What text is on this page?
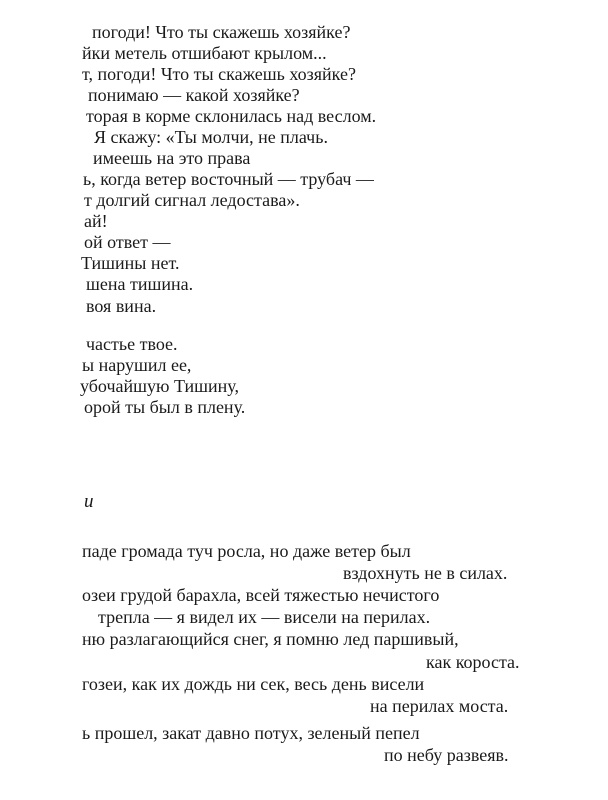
погоди! Что ты скажешь хозяйке?
йки метель отшибают крылом...
т, погоди! Что ты скажешь хозяйке?
понимаю — какой хозяйке?
торая в корме склонилась над веслом.
Я скажу: «Ты молчи, не плачь.
имеешь на это права
ь, когда ветер восточный — трубач —
т долгий сигнал ледостава».
ай!
ой ответ —
Тишины нет.
шена тишина.
воя вина.
частье твое.
ы нарушил ее,
убочайшую Тишину,
орой ты был в плену.
и
паде громада туч росла, но даже ветер был
вздохнуть не в силах.
озеи грудой барахла, всей тяжестью нечистого
трепла — я видел их — висели на перилах.
ню разлагающийся снег, я помню лед паршивый,
как короста.
гозеи, как их дождь ни сек, весь день висели
на перилах моста.
ь прошел, закат давно потух, зеленый пепел
по небу развеяв.
